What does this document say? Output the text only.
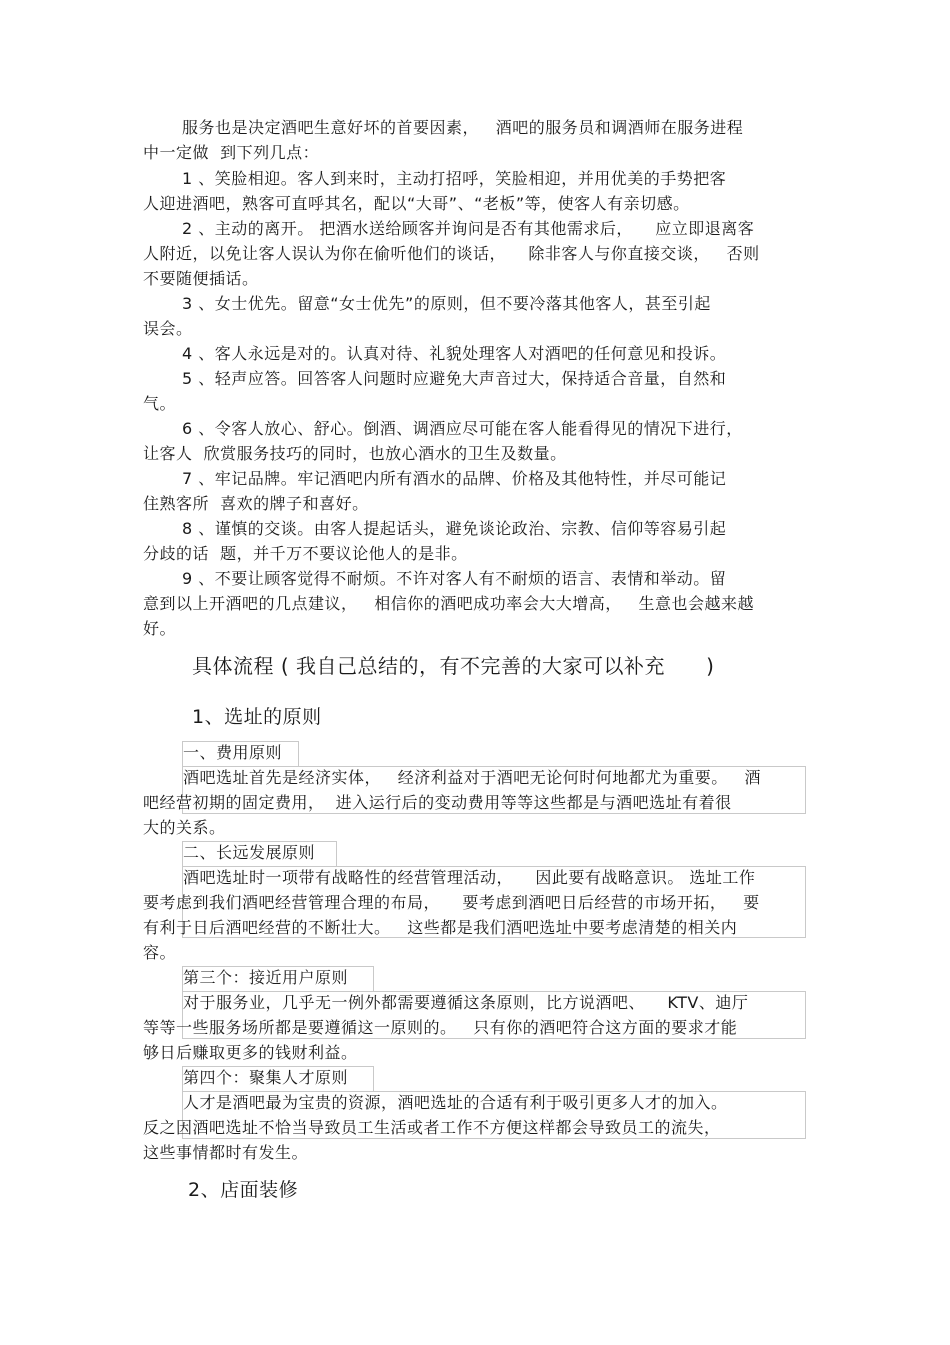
服务也是决定酒吧生意好坏的首要因素，   酒吧的服务员和调酒师在服务进程
中一定做  到下列几点：
1 、笑脸相迎。客人到来时，主动打招呼，笑脸相迎，并用优美的手势把客
人迎进酒吧，熟客可直呼其名，配以“大哥”、“老板”等，使客人有亲切感。
2 、主动的离开。 把酒水送给顾客并询问是否有其他需求后，    应立即退离客
人附近，以免让客人误认为你在偷听他们的谈话，    除非客人与你直接交谈，   否则
不要随便插话。
3 、女士优先。留意“女士优先”的原则，但不要冷落其他客人，甚至引起
误会。
4 、客人永远是对的。认真对待、礼貌处理客人对酒吧的任何意见和投诉。
5 、轻声应答。回答客人问题时应避免大声音过大，保持适合音量，自然和
气。
6 、令客人放心、舒心。倒酒、调酒应尽可能在客人能看得见的情况下进行，
让客人  欣赏服务技巧的同时，也放心酒水的卫生及数量。
7 、牢记品牌。牢记酒吧内所有酒水的品牌、价格及其他特性，并尽可能记
住熟客所  喜欢的牌子和喜好。
8 、谨慎的交谈。由客人提起话头，避免谈论政治、宗教、信仰等容易引起
分歧的话  题，并千万不要议论他人的是非。
9 、不要让顾客觉得不耐烦。不许对客人有不耐烦的语言、表情和举动。留
意到以上开酒吧的几点建议，   相信你的酒吧成功率会大大增高，   生意也会越来越
好。
具体流程 ( 我自己总结的，有不完善的大家可以补充      )
1、选址的原则
一、费用原则
酒吧选址首先是经济实体，   经济利益对于酒吧无论何时何地都尤为重要。   酒
吧经营初期的固定费用，  进入运行后的变动费用等等这些都是与酒吧选址有着很
大的关系。
二、长远发展原则
酒吧选址时一项带有战略性的经营管理活动，    因此要有战略意识。 选址工作
要考虑到我们酒吧经营管理合理的布局，    要考虑到酒吧日后经营的市场开拓，   要
有利于日后酒吧经营的不断壮大。   这些都是我们酒吧选址中要考虑清楚的相关内
容。
第三个：接近用户原则
对于服务业，几乎无一例外都需要遵循这条原则，比方说酒吧、    KTV、迪厅
等等一些服务场所都是要遵循这一原则的。   只有你的酒吧符合这方面的要求才能
够日后赚取更多的钱财利益。
第四个：聚集人才原则
人才是酒吧最为宝贵的资源，酒吧选址的合适有利于吸引更多人才的加入。
反之因酒吧选址不恰当导致员工生活或者工作不方便这样都会导致员工的流失，
这些事情都时有发生。
2、店面装修
